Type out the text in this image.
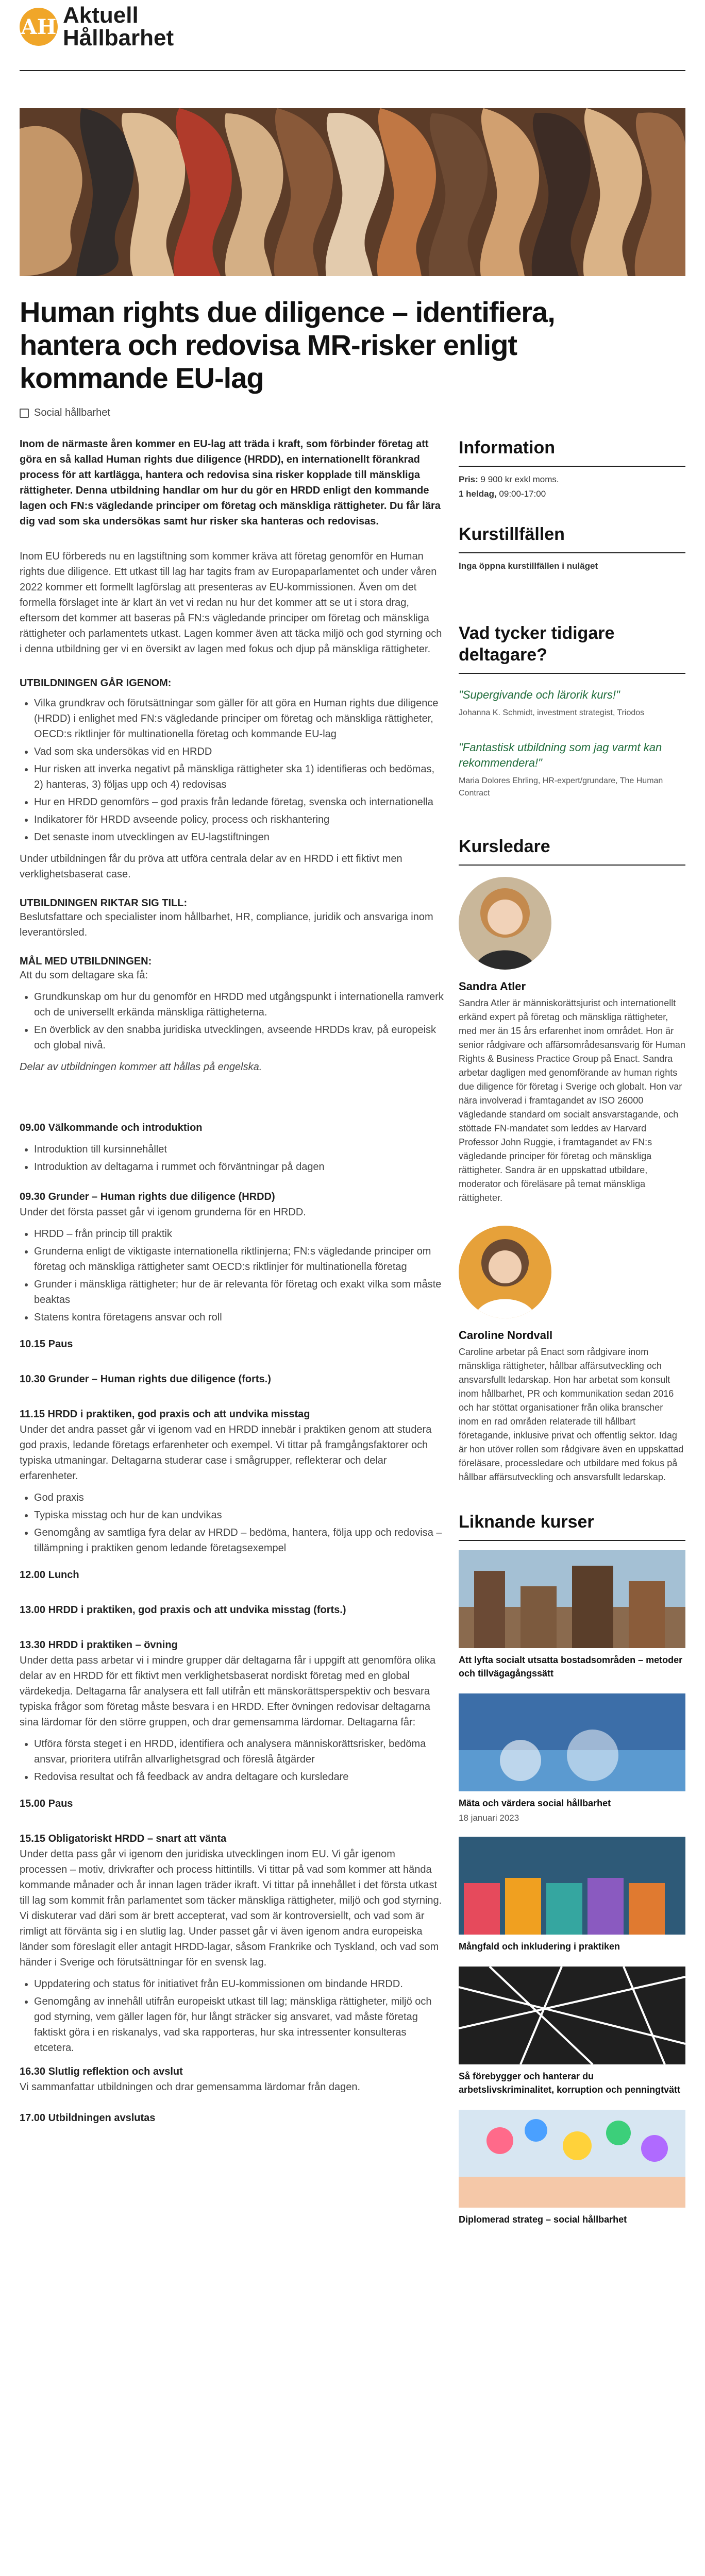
AH Aktuell
Hållbarhet
Human rights due diligence – identifiera, hantera och redovisa MR-risker enligt kommande EU-lag
Social hållbarhet

Inom de närmaste åren kommer en EU-lag att träda i kraft, som förbinder företag att göra en så kallad Human rights due diligence (HRDD), en internationellt förankrad process för att kartlägga, hantera och redovisa sina risker kopplade till mänskliga rättigheter. Denna utbildning handlar om hur du gör en HRDD enligt den kommande lagen och FN:s vägledande principer om företag och mänskliga rättigheter. Du får lära dig vad som ska undersökas samt hur risker ska hanteras och redovisas.

Inom EU förbereds nu en lagstiftning som kommer kräva att företag genomför en Human rights due diligence. Ett utkast till lag har tagits fram av Europaparlamentet och under våren 2022 kommer ett formellt lagförslag att presenteras av EU-kommissionen. Även om det formella förslaget inte är klart än vet vi redan nu hur det kommer att se ut i stora drag, eftersom det kommer att baseras på FN:s vägledande principer om företag och mänskliga rättigheter och parlamentets utkast. Lagen kommer även att täcka miljö och god styrning och i denna utbildning ger vi en översikt av lagen med fokus och djup på mänskliga rättigheter.

UTBILDNINGEN GÅR IGENOM:
• Vilka grundkrav och förutsättningar som gäller för att göra en Human rights due diligence (HRDD) i enlighet med FN:s vägledande principer om företag och mänskliga rättigheter, OECD:s riktlinjer för multinationella företag och kommande EU-lag
• Vad som ska undersökas vid en HRDD
• Hur risken att inverka negativt på mänskliga rättigheter ska 1) identifieras och bedömas, 2) hanteras, 3) följas upp och 4) redovisas
• Hur en HRDD genomförs – god praxis från ledande företag, svenska och internationella
• Indikatorer för HRDD avseende policy, process och riskhantering
• Det senaste inom utvecklingen av EU-lagstiftningen

Under utbildningen får du pröva att utföra centrala delar av en HRDD i ett fiktivt men verklighetsbaserat case.

UTBILDNINGEN RIKTAR SIG TILL:

Beslutsfattare och specialister inom hållbarhet, HR, compliance, juridik och ansvariga inom leverantörsled.

MÅL MED UTBILDNINGEN:

Att du som deltagare ska få:

• Grundkunskap om hur du genomför en HRDD med utgångspunkt i internationella ramverk och de universellt erkända mänskliga rättigheterna.
• En överblick av den snabba juridiska utvecklingen, avseende HRDDs krav, på europeisk och global nivå.

Delar av utbildningen kommer att hållas på engelska.

09.00 Välkommande och introduktion
• Introduktion till kursinnehållet
• Introduktion av deltagarna i rummet och förväntningar på dagen
09.30 Grunder – Human rights due diligence (HRDD)

Under det första passet går vi igenom grunderna för en HRDD.

• HRDD – från princip till praktik
• Grunderna enligt de viktigaste internationella riktlinjerna; FN:s vägledande principer om företag och mänskliga rättigheter samt OECD:s riktlinjer för multinationella företag
• Grunder i mänskliga rättigheter; hur de är relevanta för företag och exakt vilka som måste beaktas
• Statens kontra företagens ansvar och roll
10.15 Paus
10.30 Grunder – Human rights due diligence (forts.)
11.15 HRDD i praktiken, god praxis och att undvika misstag

Under det andra passet går vi igenom vad en HRDD innebär i praktiken genom att studera god praxis, ledande företags erfarenheter och exempel. Vi tittar på framgångsfaktorer och typiska utmaningar. Deltagarna studerar case i smågrupper, reflekterar och delar erfarenheter.

• God praxis
• Typiska misstag och hur de kan undvikas
• Genomgång av samtliga fyra delar av HRDD – bedöma, hantera, följa upp och redovisa – tillämpning i praktiken genom ledande företagsexempel
12.00 Lunch
13.00 HRDD i praktiken, god praxis och att undvika misstag (forts.)
13.30 HRDD i praktiken – övning

Under detta pass arbetar vi i mindre grupper där deltagarna får i uppgift att genomföra olika delar av en HRDD för ett fiktivt men verklighetsbaserat nordiskt företag med en global värdekedja. Deltagarna får analysera ett fall utifrån ett mänskorättsperspektiv och besvara typiska frågor som företag måste besvara i en HRDD. Efter övningen redovisar deltagarna sina lärdomar för den större gruppen, och drar gemensamma lärdomar. Deltagarna får:

• Utföra första steget i en HRDD, identifiera och analysera människorättsrisker, bedöma ansvar, prioritera utifrån allvarlighetsgrad och föreslå åtgärder
• Redovisa resultat och få feedback av andra deltagare och kursledare
15.00 Paus
15.15 Obligatoriskt HRDD – snart att vänta

Under detta pass går vi igenom den juridiska utvecklingen inom EU. Vi går igenom processen – motiv, drivkrafter och process hittintills. Vi tittar på vad som kommer att hända kommande månader och år innan lagen träder ikraft. Vi tittar på innehållet i det första utkast till lag som kommit från parlamentet som täcker mänskliga rättigheter, miljö och god styrning. Vi diskuterar vad däri som är brett accepterat, vad som är kontroversiellt, och vad som är rimligt att förvänta sig i en slutlig lag. Under passet går vi även igenom andra europeiska länder som föreslagit eller antagit HRDD-lagar, såsom Frankrike och Tyskland, och vad som händer i Sverige och förutsättningar för en svensk lag.

• Uppdatering och status för initiativet från EU-kommissionen om bindande HRDD.
• Genomgång av innehåll utifrån europeiskt utkast till lag; mänskliga rättigheter, miljö och god styrning, vem gäller lagen för, hur långt sträcker sig ansvaret, vad måste företag faktiskt göra i en riskanalys, vad ska rapporteras, hur ska intressenter konsulteras etcetera.
16.30 Slutlig reflektion och avslut

Vi sammanfattar utbildningen och drar gemensamma lärdomar från dagen.

17.00 Utbildningen avslutas
Information
Pris: 9 900 kr exkl moms.
1 heldag, 09:00-17:00
Kurstillfällen
Inga öppna kurstillfällen i nuläget
Vad tycker tidigare deltagare?
"Supergivande och lärorik kurs!"
Johanna K. Schmidt, investment strategist, Triodos
"Fantastisk utbildning som jag varmt kan rekommendera!"
Maria Dolores Ehrling, HR-expert/grundare, The Human Contract
Kursledare
Sandra Atler
Sandra Atler är människorättsjurist och internationellt erkänd expert på företag och mänskliga rättigheter, med mer än 15 års erfarenhet inom området. Hon är senior rådgivare och affärsområdesansvarig för Human Rights & Business Practice Group på Enact. Sandra arbetar dagligen med genomförande av human rights due diligence för företag i Sverige och globalt. Hon var nära involverad i framtagandet av ISO 26000 vägledande standard om socialt ansvarstagande, och stöttade FN-mandatet som leddes av Harvard Professor John Ruggie, i framtagandet av FN:s vägledande principer för företag och mänskliga rättigheter. Sandra är en uppskattad utbildare, moderator och föreläsare på temat mänskliga rättigheter.
Caroline Nordvall
Caroline arbetar på Enact som rådgivare inom mänskliga rättigheter, hållbar affärsutveckling och ansvarsfullt ledarskap. Hon har arbetat som konsult inom hållbarhet, PR och kommunikation sedan 2016 och har stöttat organisationer från olika branscher inom en rad områden relaterade till hållbart företagande, inklusive privat och offentlig sektor. Idag är hon utöver rollen som rådgivare även en uppskattad föreläsare, processledare och utbildare med fokus på hållbar affärsutveckling och ansvarsfullt ledarskap.
Liknande kurser
Att lyfta socialt utsatta bostadsområden – metoder och tillvägagångssätt
Mäta och värdera social hållbarhet
18 januari 2023
Mångfald och inkludering i praktiken
Så förebygger och hanterar du arbetslivskriminalitet, korruption och penningtvätt
Diplomerad strateg – social hållbarhet
